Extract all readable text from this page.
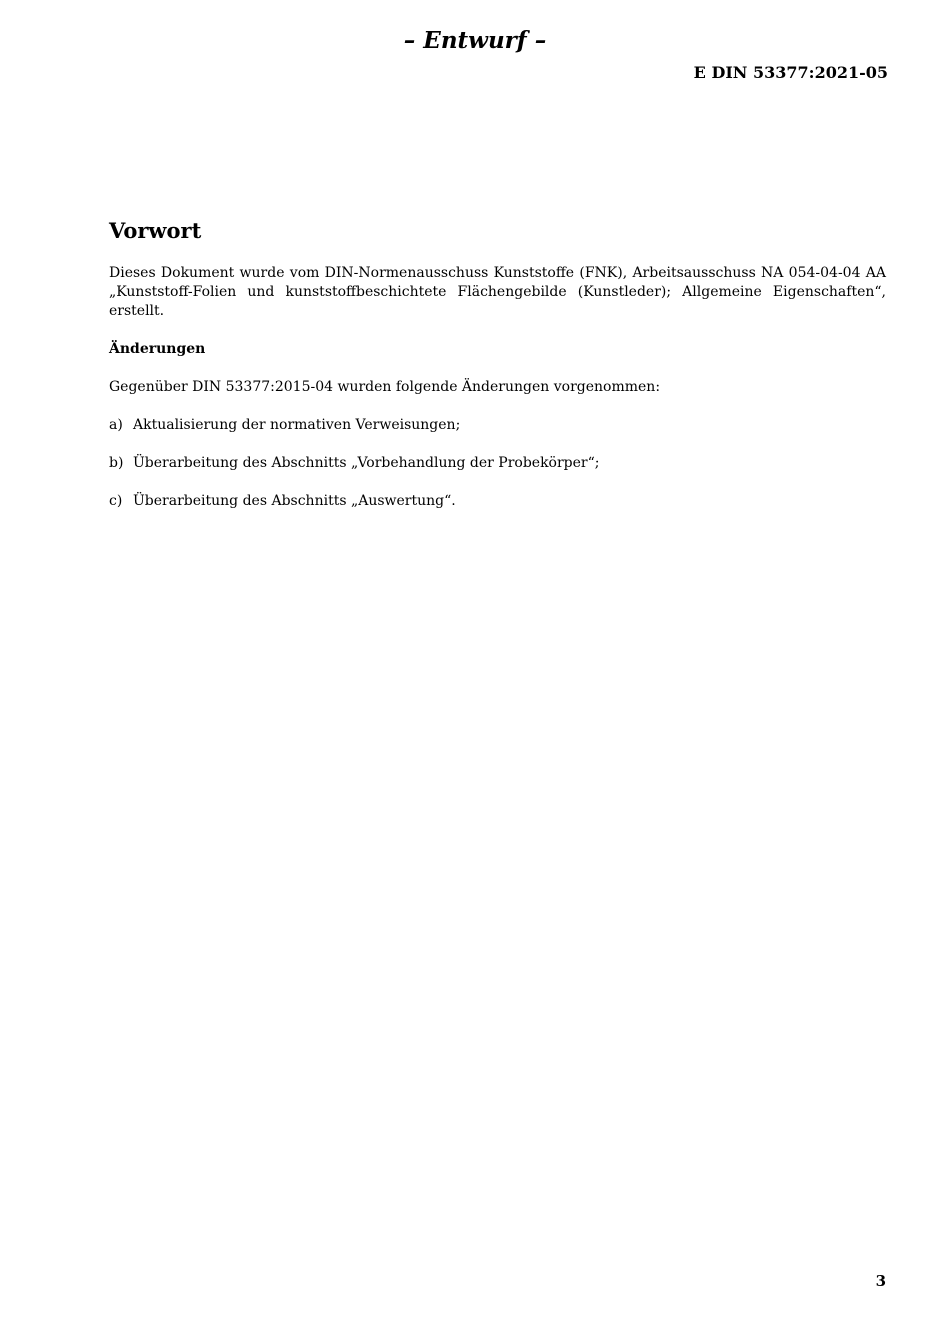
– Entwurf –
E DIN 53377:2021-05
Vorwort

Dieses Dokument wurde vom DIN-Normenausschuss Kunststoffe (FNK), Arbeitsausschuss NA 054-04-04 AA „Kunststoff-Folien und kunststoffbeschichtete Flächengebilde (Kunstleder); Allgemeine Eigenschaften“, erstellt.

Änderungen

Gegenüber DIN 53377:2015-04 wurden folgende Änderungen vorgenommen:

a) Aktualisierung der normativen Verweisungen;
b) Überarbeitung des Abschnitts „Vorbehandlung der Probekörper“;
c) Überarbeitung des Abschnitts „Auswertung“.
3
